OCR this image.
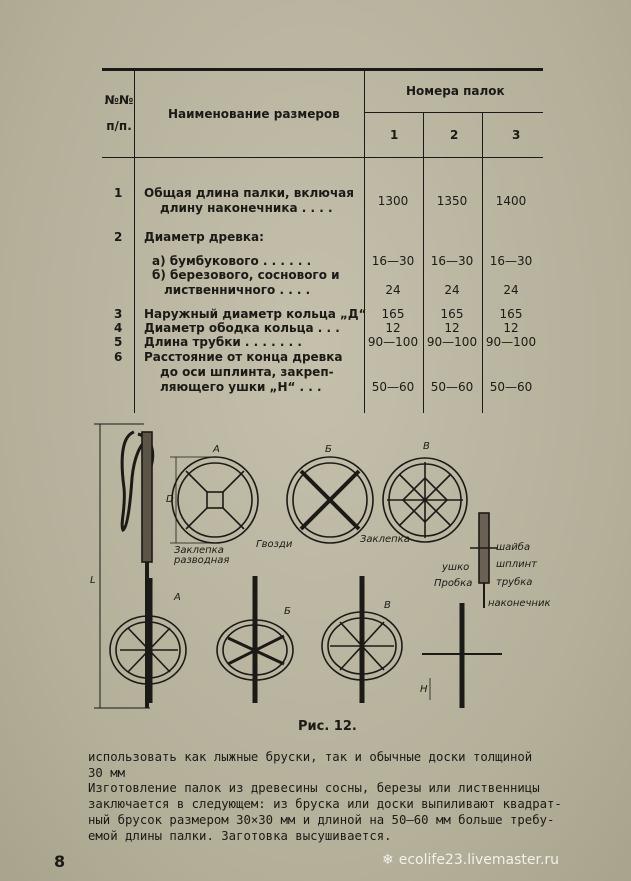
№№
п/п.
Наименование размеров
Номера палок
1	2	3
1 Общая длина палки, включая
длину наконечника . . . .	1300	1350	1400
2 Диаметр древка:
а) бумбукового . . . . . .	16—30	16—30	16—30
б) березового, соснового и
лиственничного . . . .	24	24	24
3 Наружный диаметр кольца „Д“	165	165	165
4 Диаметр ободка кольца . . .	12	12	12
5 Длина трубки . . . . . . .	90—100 90—100 90—100
6 Расстояние от конца древка
до оси шплинта, закреп-
ляющего ушки „Н“ . . .	50—60	50—60	50—60
А	Б	В
D
Заклепка
разводная
Гвозди	Заклепка
шайба
шплинт
ушко
Пробка трубка
наконечник
L
А
Б
В
Н
Рис. 12.
использовать как лыжные бруски, так и обычные доски толщиной
30 мм
Изготовление палок из древесины сосны, березы или лиственницы
заключается в следующем: из бруска или доски выпиливают квадрат-
ный брусок размером 30×30 мм и длиной на 50—60 мм больше требу-
емой длины палки. Заготовка высушивается.
8	❄ ecolife23.livemaster.ru
